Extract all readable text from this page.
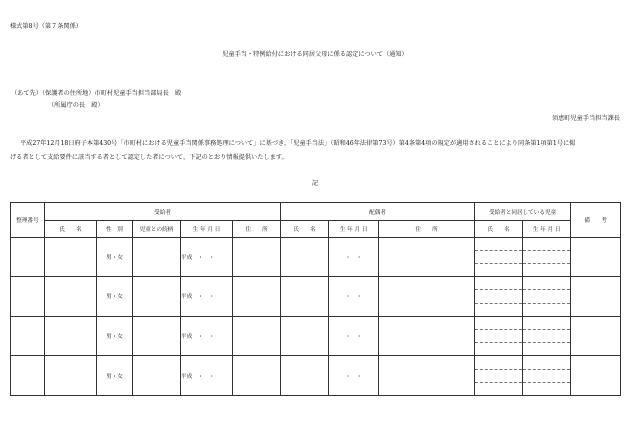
様式第8号（第７条関係）
児童手当・特例給付における同居父母に係る認定について（通知）
（あて先）（保護者の住所地）市町村児童手当担当部局長　殿
（所属庁の長　殿）
須恵町児童手当担当課長
平成27年12月18日府子本第430号「市町村における児童手当関係事務処理について」に基づき，「児童手当法」（昭和46年法律第73号）第4条第4項の規定が適用されることにより同条第1項第1号に掲
げる者として支給要件に該当する者として認定した者について，下記のとおり情報提供いたします。
記
整理番号	受給者					配偶者			受給者と同居している児童		備　　考
	氏　　名	性　別	児童との続柄	生 年 月 日	住　　所	氏　　名	生 年 月 日	住　　所	氏　　名	生 年 月 日	
		男・女		平成　・　・			・　・				

		男・女		平成　・　・			・　・				

		男・女		平成　・　・			・　・				

		男・女		平成　・　・			・　・				
